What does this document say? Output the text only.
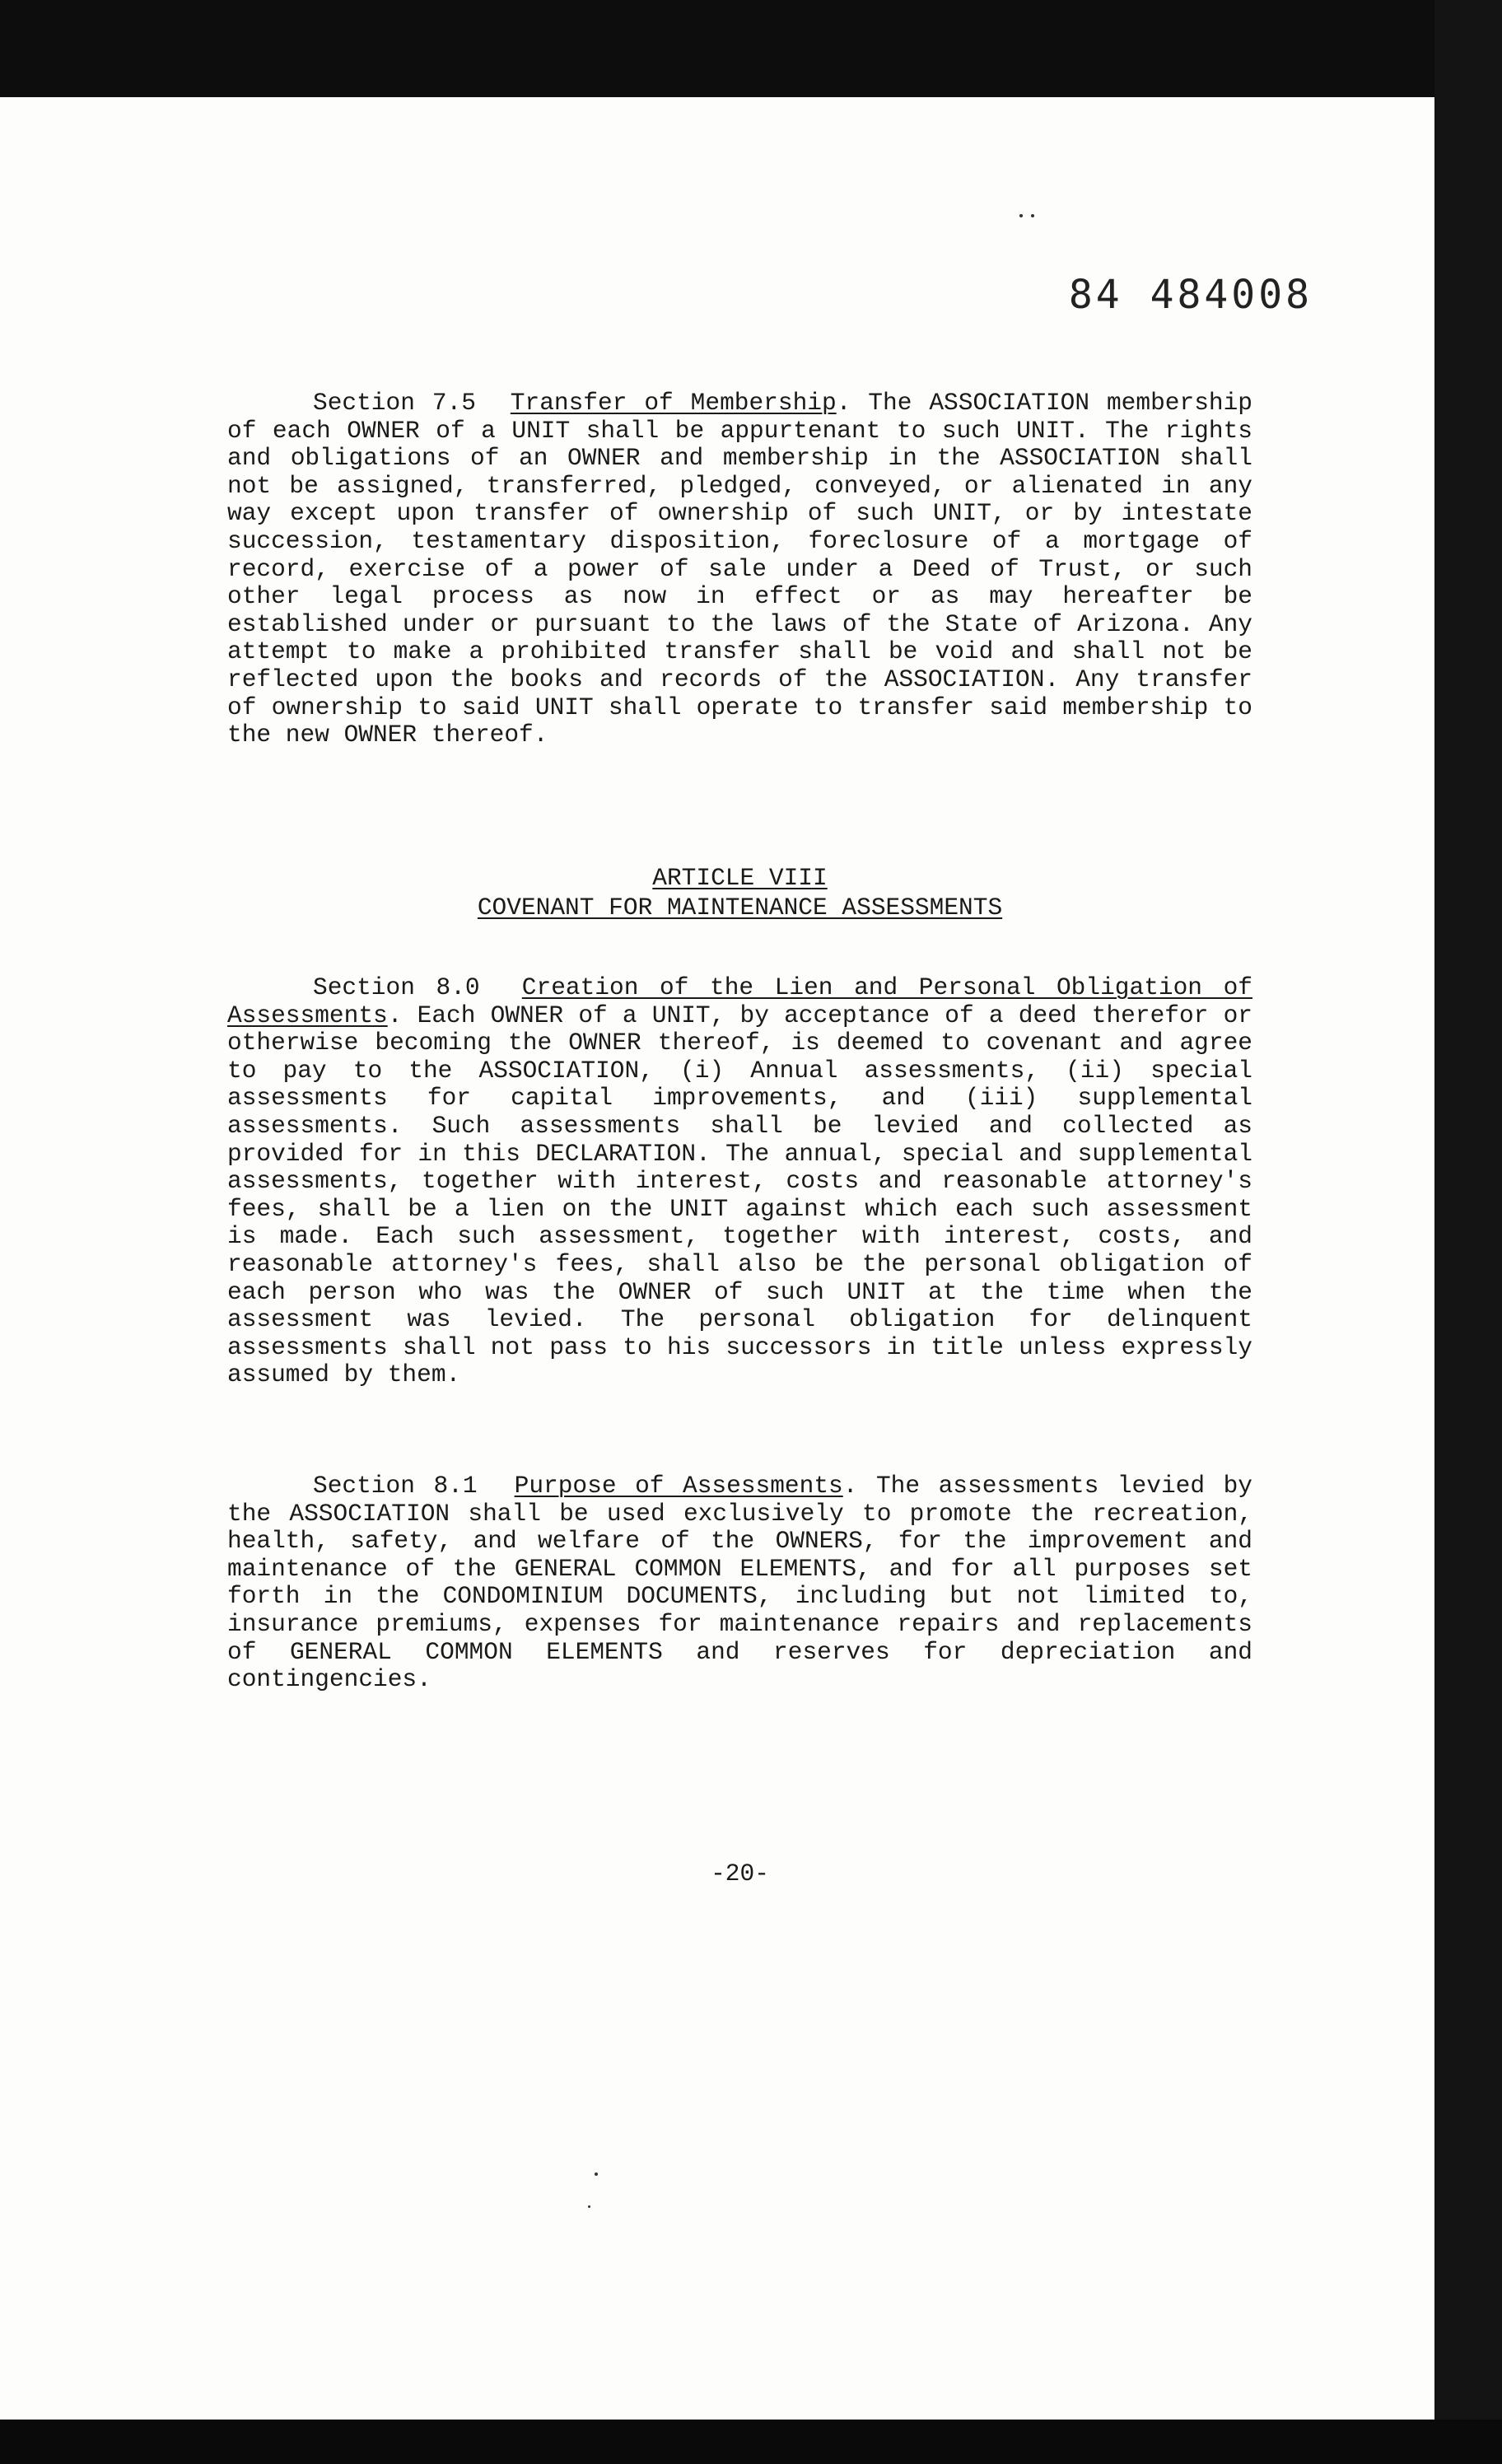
84 484008

Section 7.5 Transfer of Membership. The ASSOCIATION membership of each OWNER of a UNIT shall be appurtenant to such UNIT. The rights and obligations of an OWNER and membership in the ASSOCIATION shall not be assigned, transferred, pledged, conveyed, or alienated in any way except upon transfer of ownership of such UNIT, or by intestate succession, testamentary disposition, foreclosure of a mortgage of record, exercise of a power of sale under a Deed of Trust, or such other legal process as now in effect or as may hereafter be established under or pursuant to the laws of the State of Arizona. Any attempt to make a prohibited transfer shall be void and shall not be reflected upon the books and records of the ASSOCIATION. Any transfer of ownership to said UNIT shall operate to transfer said membership to the new OWNER thereof.

ARTICLE VIII
COVENANT FOR MAINTENANCE ASSESSMENTS

Section 8.0 Creation of the Lien and Personal Obligation of Assessments. Each OWNER of a UNIT, by acceptance of a deed therefor or otherwise becoming the OWNER thereof, is deemed to covenant and agree to pay to the ASSOCIATION, (i) Annual assessments, (ii) special assessments for capital improvements, and (iii) supplemental assessments. Such assessments shall be levied and collected as provided for in this DECLARATION. The annual, special and supplemental assessments, together with interest, costs and reasonable attorney's fees, shall be a lien on the UNIT against which each such assessment is made. Each such assessment, together with interest, costs, and reasonable attorney's fees, shall also be the personal obligation of each person who was the OWNER of such UNIT at the time when the assessment was levied. The personal obligation for delinquent assessments shall not pass to his successors in title unless expressly assumed by them.

Section 8.1 Purpose of Assessments. The assessments levied by the ASSOCIATION shall be used exclusively to promote the recreation, health, safety, and welfare of the OWNERS, for the improvement and maintenance of the GENERAL COMMON ELEMENTS, and for all purposes set forth in the CONDOMINIUM DOCUMENTS, including but not limited to, insurance premiums, expenses for maintenance repairs and replacements of GENERAL COMMON ELEMENTS and reserves for depreciation and contingencies.

-20-
